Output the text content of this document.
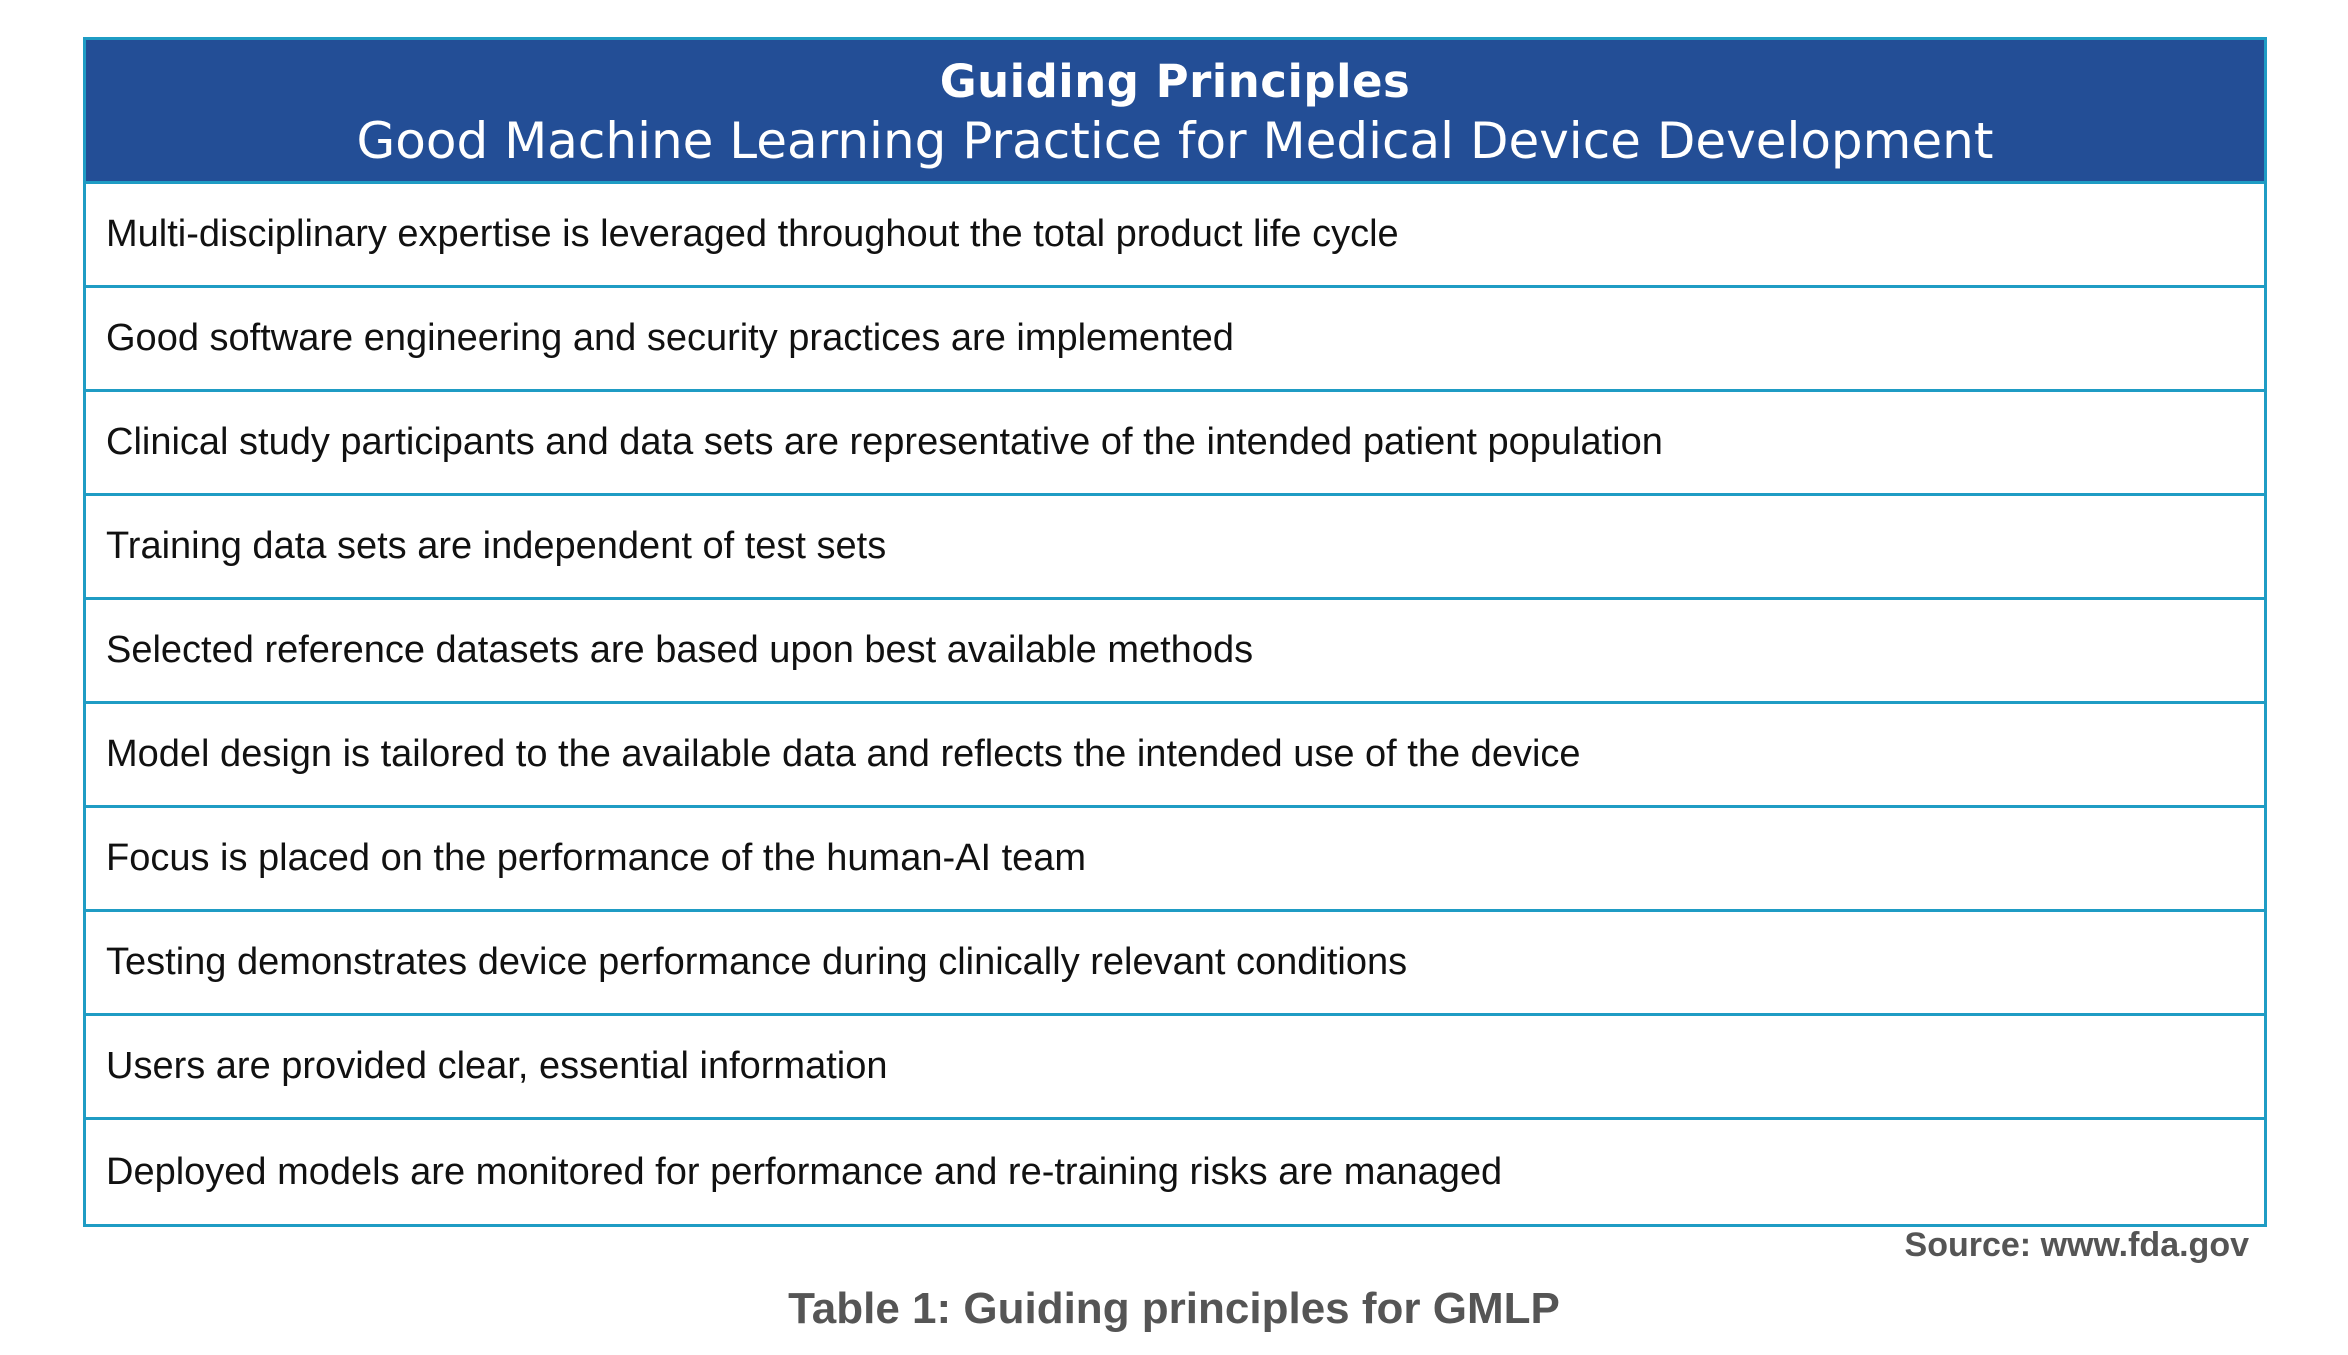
Guiding Principles
Good Machine Learning Practice for Medical Device Development
Multi-disciplinary expertise is leveraged throughout the total product life cycle
Good software engineering and security practices are implemented
Clinical study participants and data sets are representative of the intended patient population
Training data sets are independent of test sets
Selected reference datasets are based upon best available methods
Model design is tailored to the available data and reflects the intended use of the device
Focus is placed on the performance of the human-AI team
Testing demonstrates device performance during clinically relevant conditions
Users are provided clear, essential information
Deployed models are monitored for performance and re-training risks are managed
Source: www.fda.gov
Table 1: Guiding principles for GMLP
